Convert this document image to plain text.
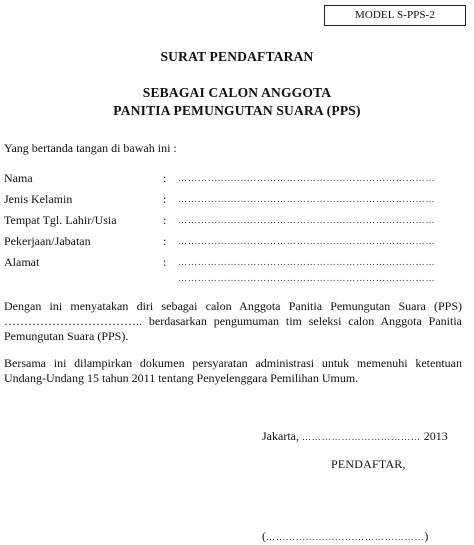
MODEL S-PPS-2
SURAT PENDAFTARAN
SEBAGAI CALON ANGGOTA
PANITIA PEMUNGUTAN SUARA (PPS)
Yang bertanda tangan di bawah ini :
Nama	: ……………………………………………………………………
Jenis Kelamin	: ……………………………………………………………………
Tempat Tgl. Lahir/Usia	: ……………………………………………………………………
Pekerjaan/Jabatan	: ……………………………………………………………………
Alamat	: ……………………………………………………………………
……………………………………………………………………
Dengan ini menyatakan diri sebagai calon Anggota Panitia Pemungutan Suara (PPS) …………………………….. berdasarkan pengumuman tim seleksi calon Anggota Panitia Pemungutan Suara (PPS).
Bersama ini dilampirkan dokumen persyaratan administrasi untuk memenuhi ketentuan Undang-Undang 15 tahun 2011 tentang Penyelenggara Pemilihan Umum.
Jakarta, ……………………………… 2013
PENDAFTAR,
(…………………………………………)
